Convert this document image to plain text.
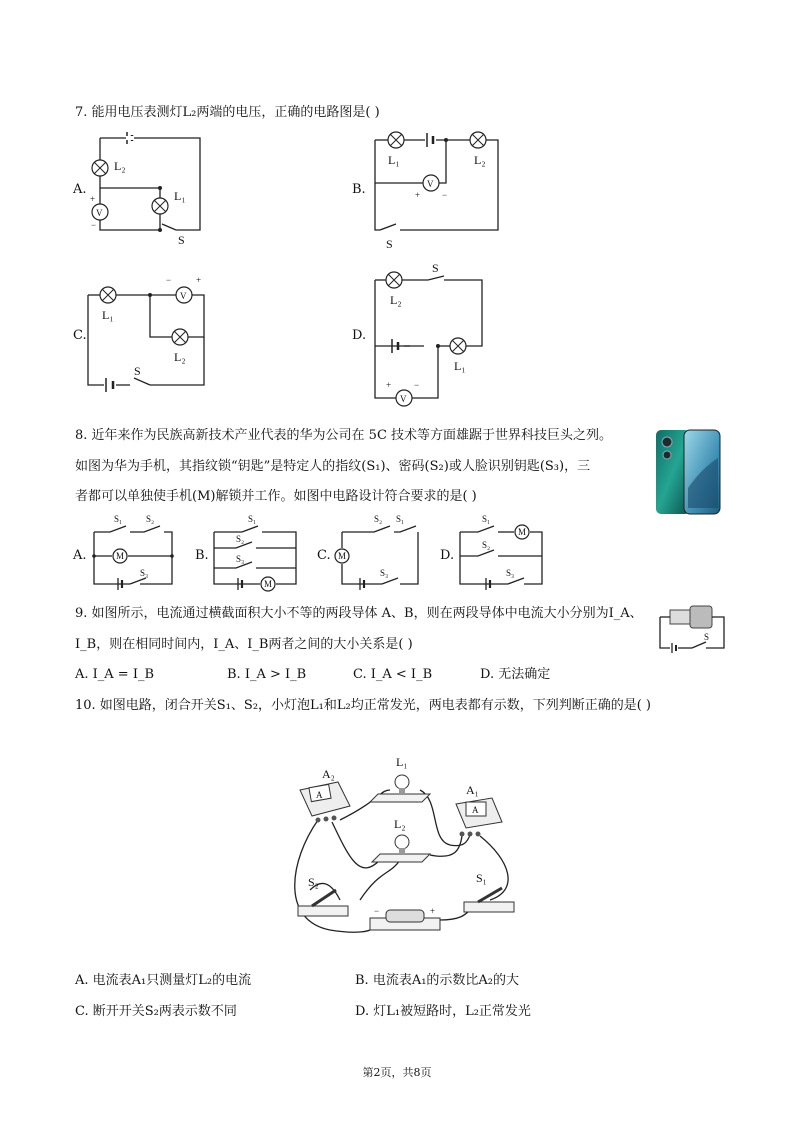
7. 能用电压表测灯L₂两端的电压，正确的电路图是( )
A.
L₂
V
+
−
L₁
S
B.
L₁	L₂
V
+ −
S
C.
L₁
V
−	+
L₂
S
D.
L₂
S
L₁
V
+	−
8. 近年来作为民族高新技术产业代表的华为公司在 5C 技术等方面雄踞于世界科技巨头之列。
如图为华为手机，其指纹锁“钥匙”是特定人的指纹(S₁)、密码(S₂)或人脸识别钥匙(S₃)，三
者都可以单独使手机(M)解锁并工作。如图中电路设计符合要求的是( )
A.	M
S₁	S₂
S₃
B.
M
S₁
S₂
S₃	C. M
S₂ S₁
S₃
D.
M
S₁
S₂
S₃
9. 如图所示，电流通过横截面积大小不等的两段导体 A、B，则在两段导体中电流大小分别为I_A、
I_B，则在相同时间内，I_A、I_B两者之间的大小关系是( )	S
A. I_A = I_B	B. I_A > I_B	C. I_A < I_B	D. 无法确定
10. 如图电路，闭合开关S₁、S₂，小灯泡L₁和L₂均正常发光，两电表都有示数，下列判断正确的是( )
A
A₂
A
A₁
L₁
L₂
S₂	S₁
−	+
A. 电流表A₁只测量灯L₂的电流	B. 电流表A₁的示数比A₂的大
C. 断开开关S₂两表示数不同	D. 灯L₁被短路时，L₂正常发光
第2页，共8页
